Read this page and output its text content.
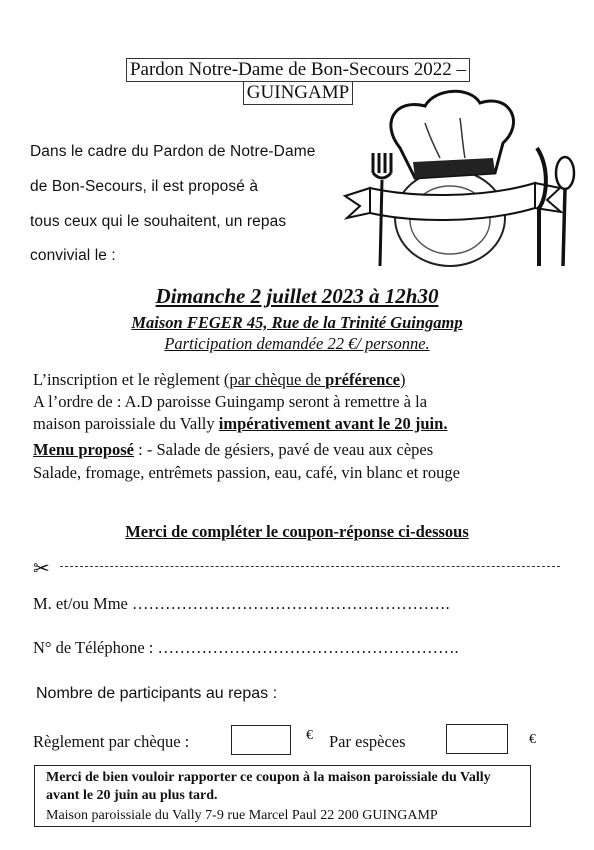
Pardon Notre-Dame de Bon-Secours 2022 –
GUINGAMP
Dans le cadre du Pardon de Notre-Dame
de Bon-Secours, il est proposé à
tous ceux qui le souhaitent, un repas
convivial le :
Dimanche 2 juillet 2023 à 12h30
Maison FEGER 45, Rue de la Trinité Guingamp
Participation demandée 22 €/ personne.
L’inscription et le règlement (par chèque de préférence)
A l’ordre de : A.D paroisse Guingamp seront à remettre à la
maison paroissiale du Vally impérativement avant le 20 juin.
Menu proposé : - Salade de gésiers, pavé de veau aux cèpes
Salade, fromage, entrêmets passion, eau, café, vin blanc et rouge
Merci de compléter le coupon-réponse ci-dessous
✂
M. et/ou Mme ………………………………………………….
N° de Téléphone : ……………………………………………….
Nombre de participants au repas :
Règlement par chèque :	€ Par espèces	€
Merci de bien vouloir rapporter ce coupon à la maison paroissiale du Vally avant le 20 juin au plus tard.
Maison paroissiale du Vally 7-9 rue Marcel Paul 22 200 GUINGAMP
